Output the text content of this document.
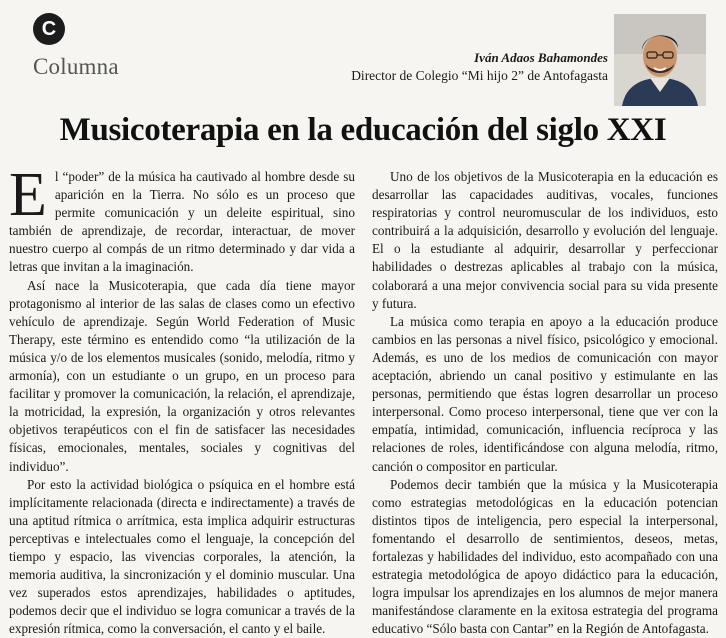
C
Columna	Iván Adaos Bahamondes
Director de Colegio “Mi hijo 2” de Antofagasta
Musicoterapia en la educación del siglo XXI

El “poder” de la música ha cautivado al hombre desde su aparición en la Tierra. No sólo es un proceso que permite comunicación y un deleite espiritual, sino también de aprendizaje, de recordar, interactuar, de mover nuestro cuerpo al compás de un ritmo determinado y dar vida a letras que invitan a la imaginación.

Así nace la Musicoterapia, que cada día tiene mayor protagonismo al interior de las salas de clases como un efectivo vehículo de aprendizaje. Según World Federation of Music Therapy, este término es entendido como “la utilización de la música y/o de los elementos musicales (sonido, melodía, ritmo y armonía), con un estudiante o un grupo, en un proceso para facilitar y promover la comunicación, la relación, el aprendizaje, la motricidad, la expresión, la organización y otros relevantes objetivos terapéuticos con el fin de satisfacer las necesidades físicas, emocionales, mentales, sociales y cognitivas del individuo”.

Por esto la actividad biológica o psíquica en el hombre está implícitamente relacionada (directa e indirectamente) a través de una aptitud rítmica o arrítmica, esta implica adquirir estructuras perceptivas e intelectuales como el lenguaje, la concepción del tiempo y espacio, las vivencias corporales, la atención, la memoria auditiva, la sincronización y el dominio muscular. Una vez superados estos aprendizajes, habilidades o aptitudes, podemos decir que el individuo se logra comunicar a través de la expresión rítmica, como la conversación, el canto y el baile.

Uno de los objetivos de la Musicoterapia en la educación es desarrollar las capacidades auditivas, vocales, funciones respiratorias y control neuromuscular de los individuos, esto contribuirá a la adquisición, desarrollo y evolución del lenguaje. El o la estudiante al adquirir, desarrollar y perfeccionar habilidades o destrezas aplicables al trabajo con la música, colaborará a una mejor convivencia social para su vida presente y futura.

La música como terapia en apoyo a la educación produce cambios en las personas a nivel físico, psicológico y emocional. Además, es uno de los medios de comunicación con mayor aceptación, abriendo un canal positivo y estimulante en las personas, permitiendo que éstas logren desarrollar un proceso interpersonal. Como proceso interpersonal, tiene que ver con la empatía, intimidad, comunicación, influencia recíproca y las relaciones de roles, identificándose con alguna melodía, ritmo, canción o compositor en particular.

Podemos decir también que la música y la Musicoterapia como estrategias metodológicas en la educación potencian distintos tipos de inteligencia, pero especial la interpersonal, fomentando el desarrollo de sentimientos, deseos, metas, fortalezas y habilidades del individuo, esto acompañado con una estrategia metodológica de apoyo didáctico para la educación, logra impulsar los aprendizajes en los alumnos de mejor manera manifestándose claramente en la exitosa estrategia del programa educativo “Sólo basta con Cantar” en la Región de Antofagasta.
